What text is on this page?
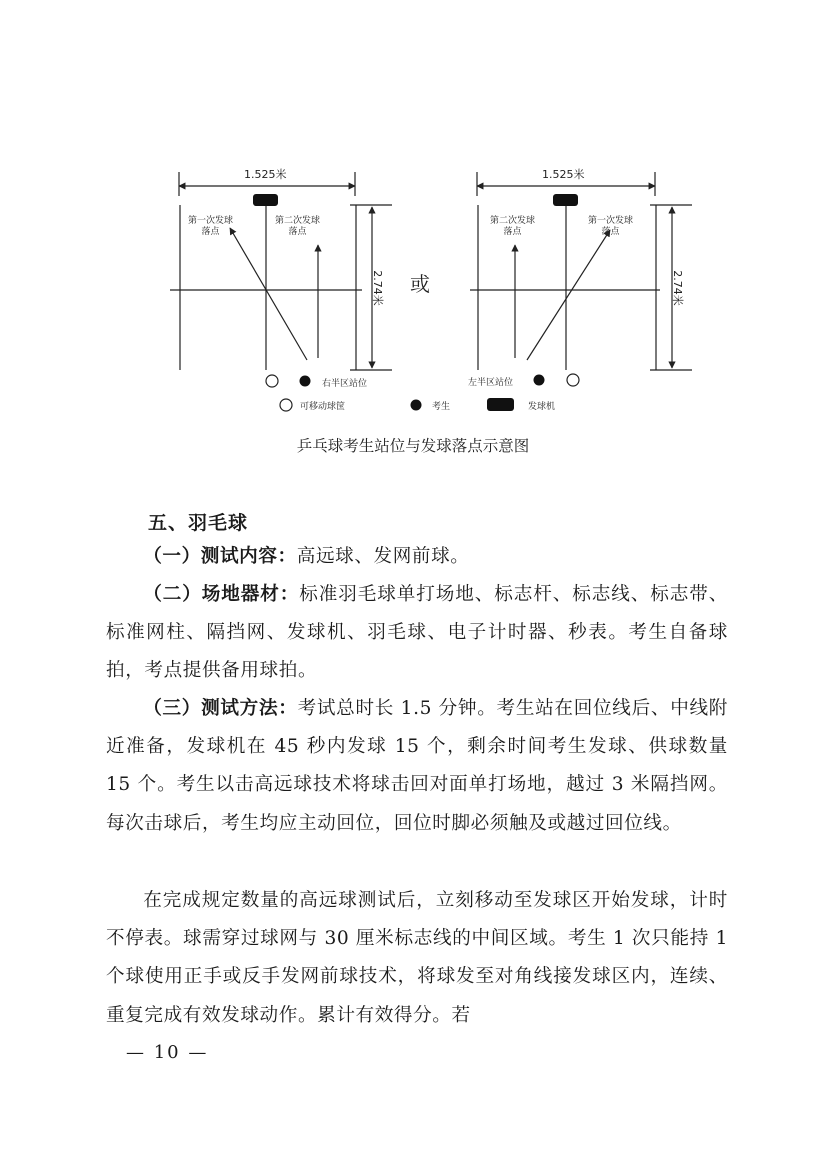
1.525米
2.74米
第一次发球
落点
第二次发球
落点
右半区站位
或
1.525米
2.74米
第一次发球
落点
第二次发球
落点
左半区站位
可移动球筐	考生	发球机
乒乓球考生站位与发球落点示意图
五、羽毛球

（一）测试内容：高远球、发网前球。

（二）场地器材：标准羽毛球单打场地、标志杆、标志线、标志带、标准网柱、隔挡网、发球机、羽毛球、电子计时器、秒表。考生自备球拍，考点提供备用球拍。

（三）测试方法：考试总时长 1.5 分钟。考生站在回位线后、中线附近准备，发球机在 45 秒内发球 15 个，剩余时间考生发球、供球数量 15 个。考生以击高远球技术将球击回对面单打场地，越过 3 米隔挡网。每次击球后，考生均应主动回位，回位时脚必须触及或越过回位线。

在完成规定数量的高远球测试后，立刻移动至发球区开始发球，计时不停表。球需穿过球网与 30 厘米标志线的中间区域。考生 1 次只能持 1 个球使用正手或反手发网前球技术，将球发至对角线接发球区内，连续、重复完成有效发球动作。累计有效得分。若

— 10 —
